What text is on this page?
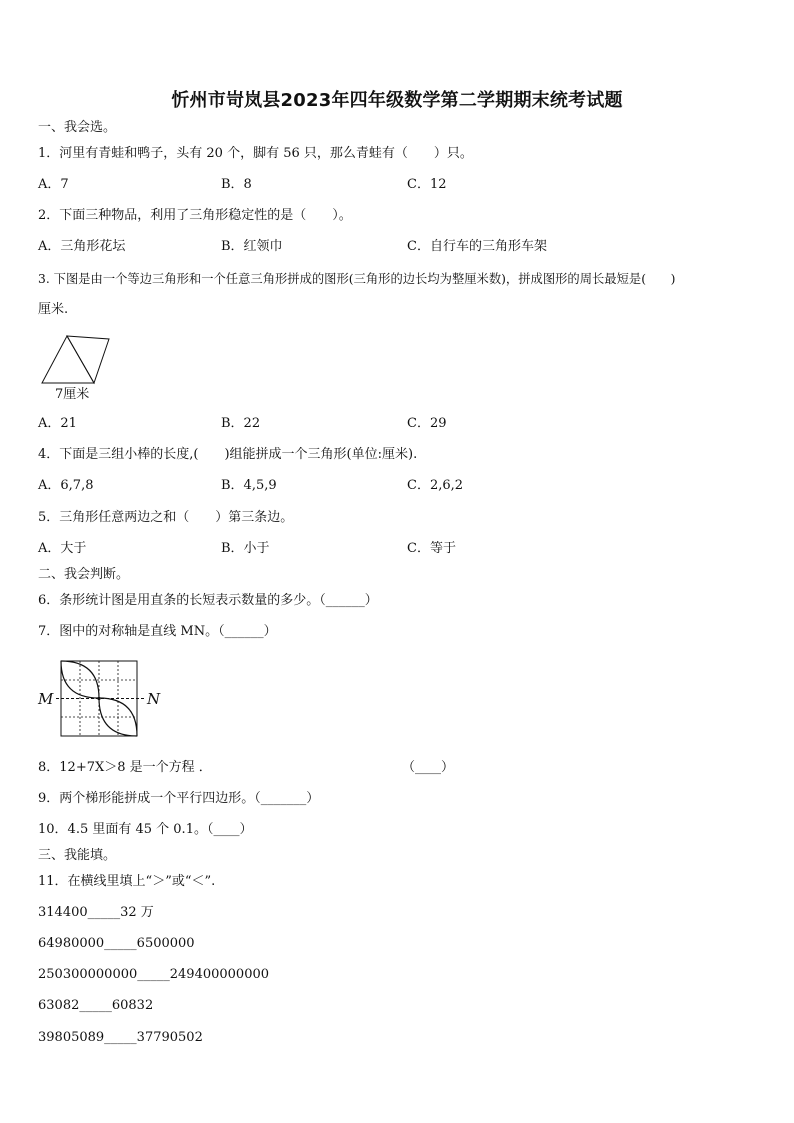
忻州市岢岚县2023年四年级数学第二学期期末统考试题
一、我会选。
1．河里有青蛙和鸭子，头有 20 个，脚有 56 只，那么青蛙有（　　）只。
A．7	B．8	C．12
2．下面三种物品，利用了三角形稳定性的是（　　）。
A．三角形花坛	B．红领巾	C．自行车的三角形车架
3. 下图是由一个等边三角形和一个任意三角形拼成的图形(三角形的边长均为整厘米数)，拼成图形的周长最短是(　　)
厘米.
7厘米
A．21	B．22	C．29
4．下面是三组小棒的长度,(　　)组能拼成一个三角形(单位:厘米).
A．6,7,8	B．4,5,9	C．2,6,2
5．三角形任意两边之和（　　）第三条边。
A．大于	B．小于	C．等于
二、我会判断。
6．条形统计图是用直条的长短表示数量的多少。（______）
7．图中的对称轴是直线 MN。（______）
M	N
8．12+7X＞8 是一个方程 ．	（____）
9．两个梯形能拼成一个平行四边形。（_______）
10．4.5 里面有 45 个 0.1。（____）
三、我能填。
11．在横线里填上“＞”或“＜”.
314400_____32 万
64980000_____6500000
250300000000_____249400000000
63082_____60832
39805089_____37790502
